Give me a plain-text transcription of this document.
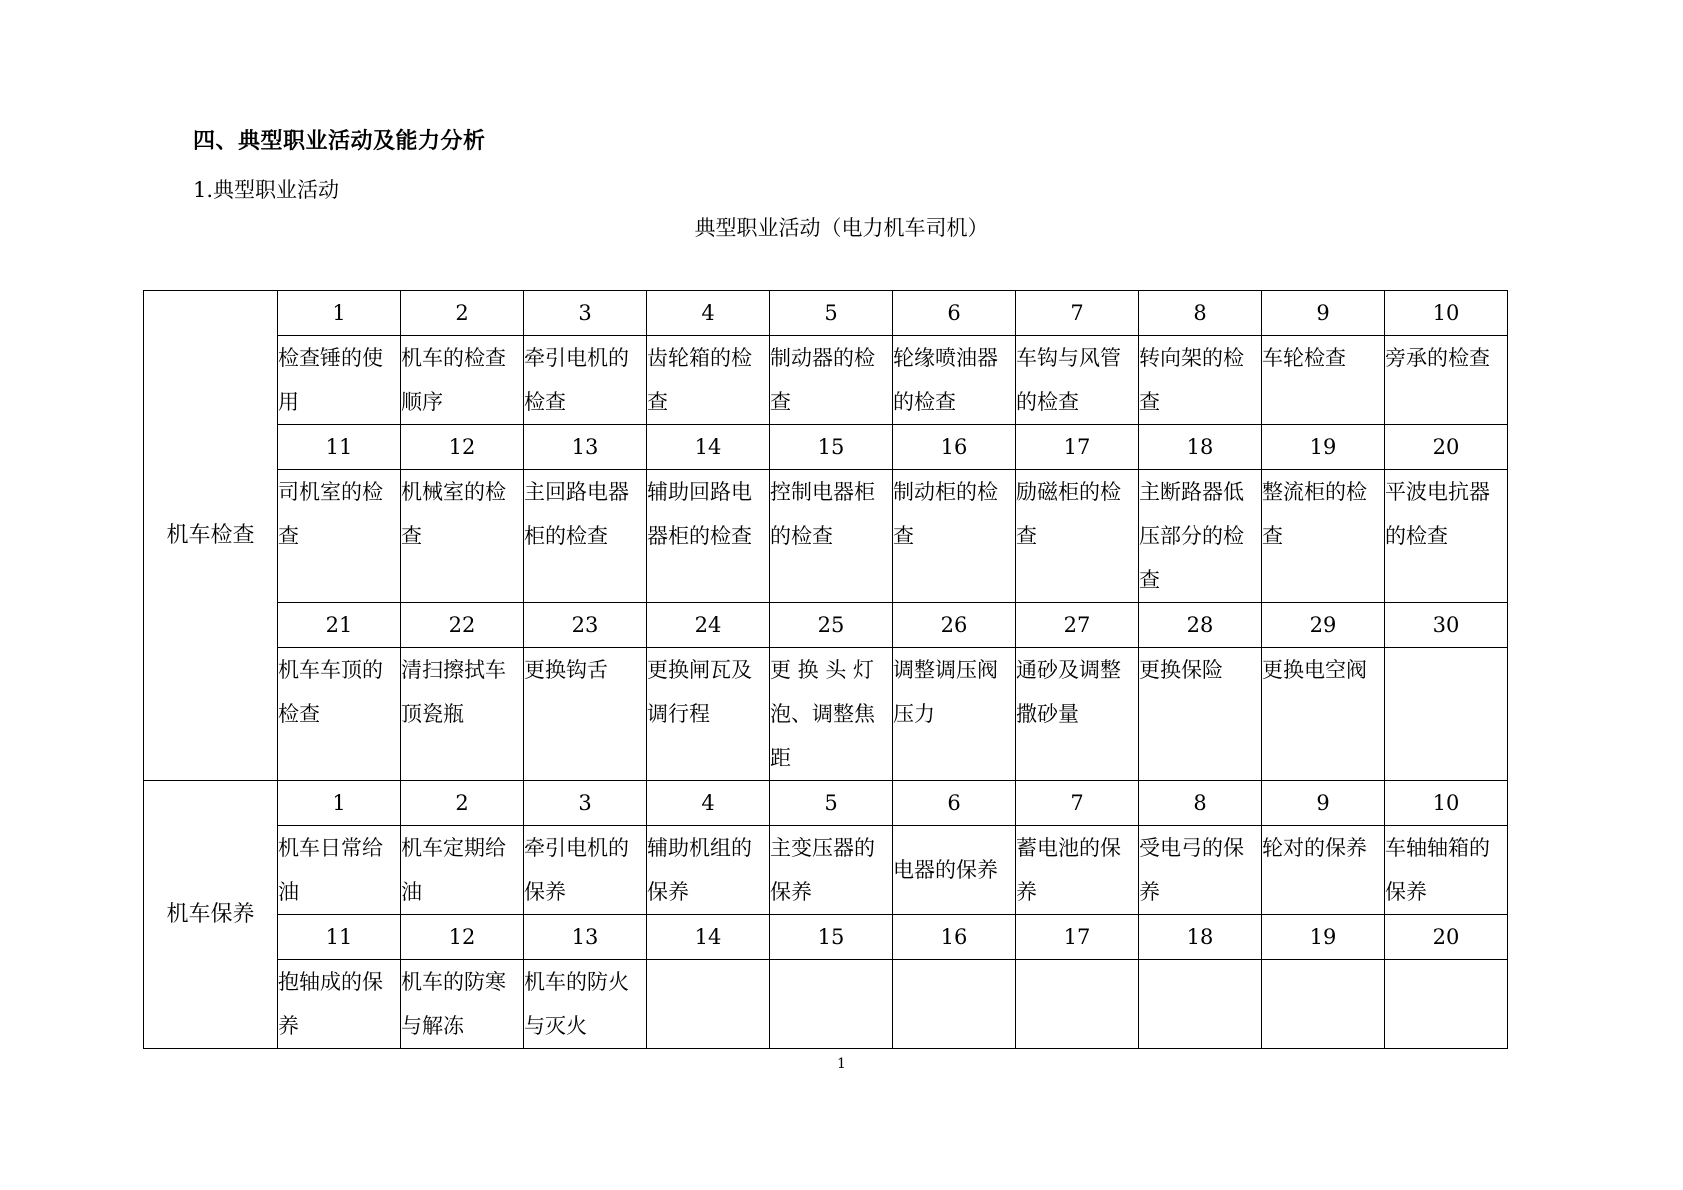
四、典型职业活动及能力分析
1.典型职业活动
典型职业活动（电力机车司机）
机车检查	1	2	3	4	5	6	7	8	9	10
	检查锤的使用	机车的检查顺序	牵引电机的检查	齿轮箱的检查	制动器的检查	轮缘喷油器的检查	车钩与风管的检查	转向架的检查	车轮检查	旁承的检查
	11	12	13	14	15	16	17	18	19	20
	司机室的检查	机械室的检查	主回路电器柜的检查	辅助回路电器柜的检查	控制电器柜的检查	制动柜的检查	励磁柜的检查	主断路器低压部分的检查	整流柜的检查	平波电抗器的检查
	21	22	23	24	25	26	27	28	29	30
	机车车顶的检查	清扫擦拭车顶瓷瓶	更换钩舌	更换闸瓦及调行程	更 换 头 灯泡、调整焦距	调整调压阀压力	通砂及调整撒砂量	更换保险	更换电空阀	
机车保养	1	2	3	4	5	6	7	8	9	10
	机车日常给油	机车定期给油	牵引电机的保养	辅助机组的保养	主变压器的保养	电器的保养	蓄电池的保养	受电弓的保养	轮对的保养	车轴轴箱的保养
	11	12	13	14	15	16	17	18	19	20
	抱轴成的保养	机车的防寒与解冻	机车的防火与灭火							
1
